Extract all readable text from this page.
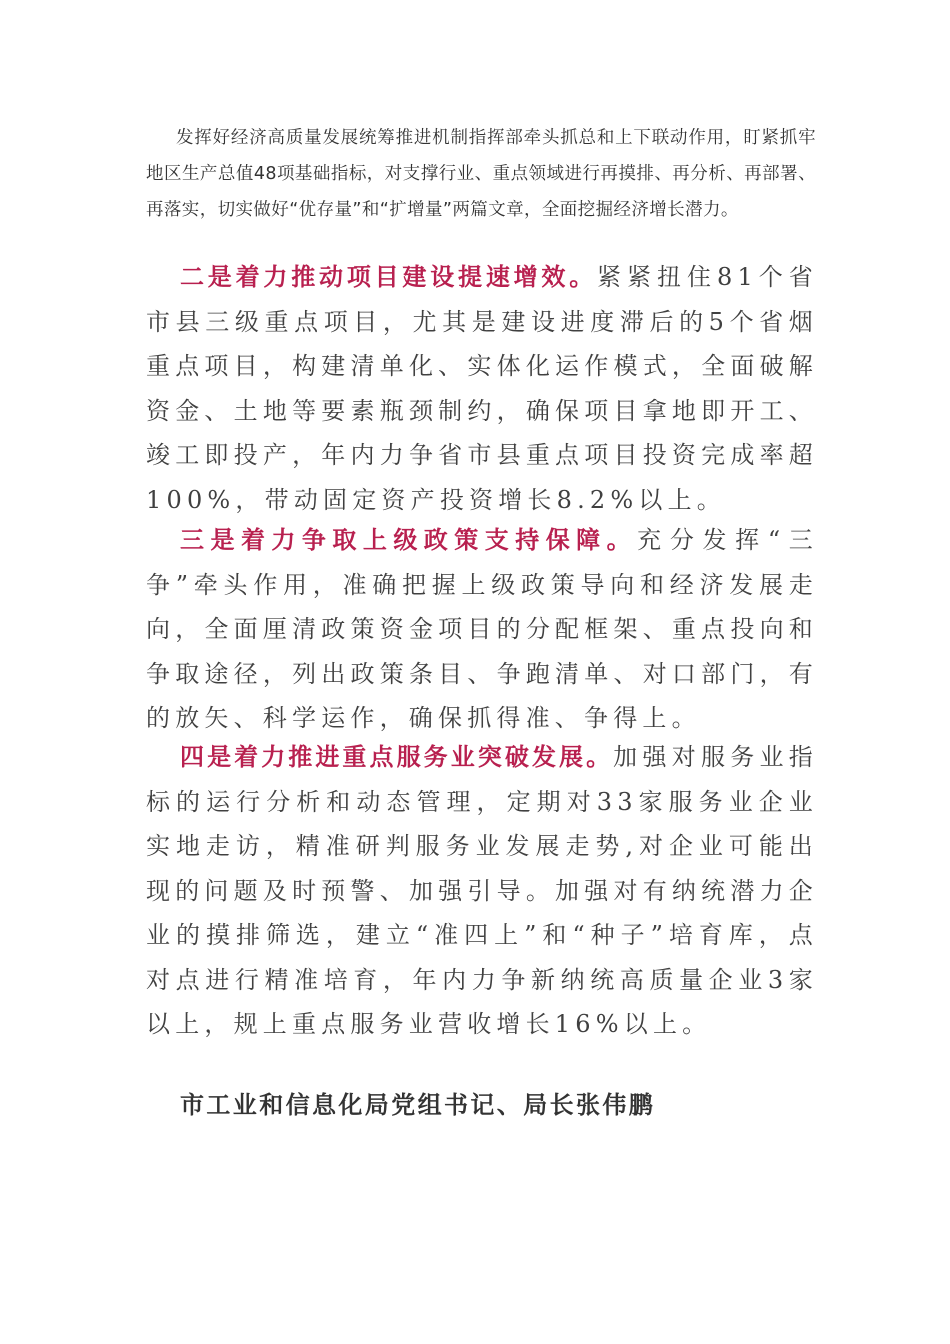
发挥好经济高质量发展统筹推进机制指挥部牵头抓总和上下联动作用，盯紧抓牢地区生产总值48项基础指标，对支撑行业、重点领域进行再摸排、再分析、再部署、再落实，切实做好“优存量”和“扩增量”两篇文章，全面挖掘经济增长潜力。

二是着力推动项目建设提速增效。紧紧扭住81个省市县三级重点项目，尤其是建设进度滞后的5个省烟重点项目，构建清单化、实体化运作模式，全面破解资金、土地等要素瓶颈制约，确保项目拿地即开工、竣工即投产，年内力争省市县重点项目投资完成率超100%，带动固定资产投资增长8.2%以上。

三是着力争取上级政策支持保障。充分发挥“三争”牵头作用，准确把握上级政策导向和经济发展走向，全面厘清政策资金项目的分配框架、重点投向和争取途径，列出政策条目、争跑清单、对口部门，有的放矢、科学运作，确保抓得准、争得上。

四是着力推进重点服务业突破发展。加强对服务业指标的运行分析和动态管理，定期对33家服务业企业实地走访，精准研判服务业发展走势,对企业可能出现的问题及时预警、加强引导。加强对有纳统潜力企业的摸排筛选，建立“准四上”和“种子”培育库，点对点进行精准培育，年内力争新纳统高质量企业3家以上，规上重点服务业营收增长16%以上。

市工业和信息化局党组书记、局长张伟鹏
